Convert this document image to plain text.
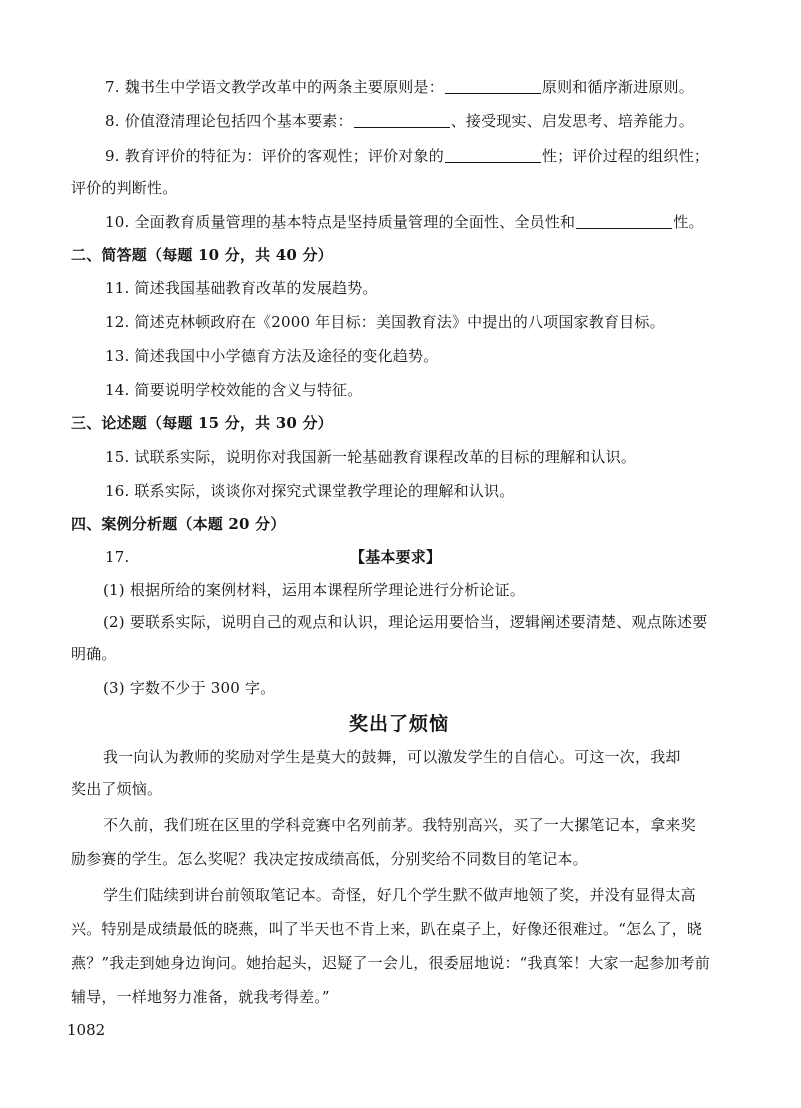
7. 魏书生中学语文教学改革中的两条主要原则是：	原则和循序渐进原则。
8. 价值澄清理论包括四个基本要素：	、接受现实、启发思考、培养能力。
9. 教育评价的特征为：评价的客观性；评价对象的	性；评价过程的组织性；
评价的判断性。
10. 全面教育质量管理的基本特点是坚持质量管理的全面性、全员性和	性。
二、简答题（每题 10 分，共 40 分）
11. 简述我国基础教育改革的发展趋势。
12. 简述克林顿政府在《2000 年目标：美国教育法》中提出的八项国家教育目标。
13. 简述我国中小学德育方法及途径的变化趋势。
14. 简要说明学校效能的含义与特征。
三、论述题（每题 15 分，共 30 分）
15. 试联系实际，说明你对我国新一轮基础教育课程改革的目标的理解和认识。
16. 联系实际，谈谈你对探究式课堂教学理论的理解和认识。
四、案例分析题（本题 20 分）
17.	【基本要求】
(1) 根据所给的案例材料，运用本课程所学理论进行分析论证。
(2) 要联系实际，说明自己的观点和认识，理论运用要恰当，逻辑阐述要清楚、观点陈述要
明确。
(3) 字数不少于 300 字。
奖出了烦恼
我一向认为教师的奖励对学生是莫大的鼓舞，可以激发学生的自信心。可这一次，我却
奖出了烦恼。
不久前，我们班在区里的学科竞赛中名列前茅。我特别高兴，买了一大摞笔记本，拿来奖
励参赛的学生。怎么奖呢？我决定按成绩高低，分别奖给不同数目的笔记本。
学生们陆续到讲台前领取笔记本。奇怪，好几个学生默不做声地领了奖，并没有显得太高
兴。特别是成绩最低的晓燕，叫了半天也不肯上来，趴在桌子上，好像还很难过。“怎么了，晓
燕？”我走到她身边询问。她抬起头，迟疑了一会儿，很委屈地说：“我真笨！大家一起参加考前
辅导，一样地努力准备，就我考得差。”
1082
